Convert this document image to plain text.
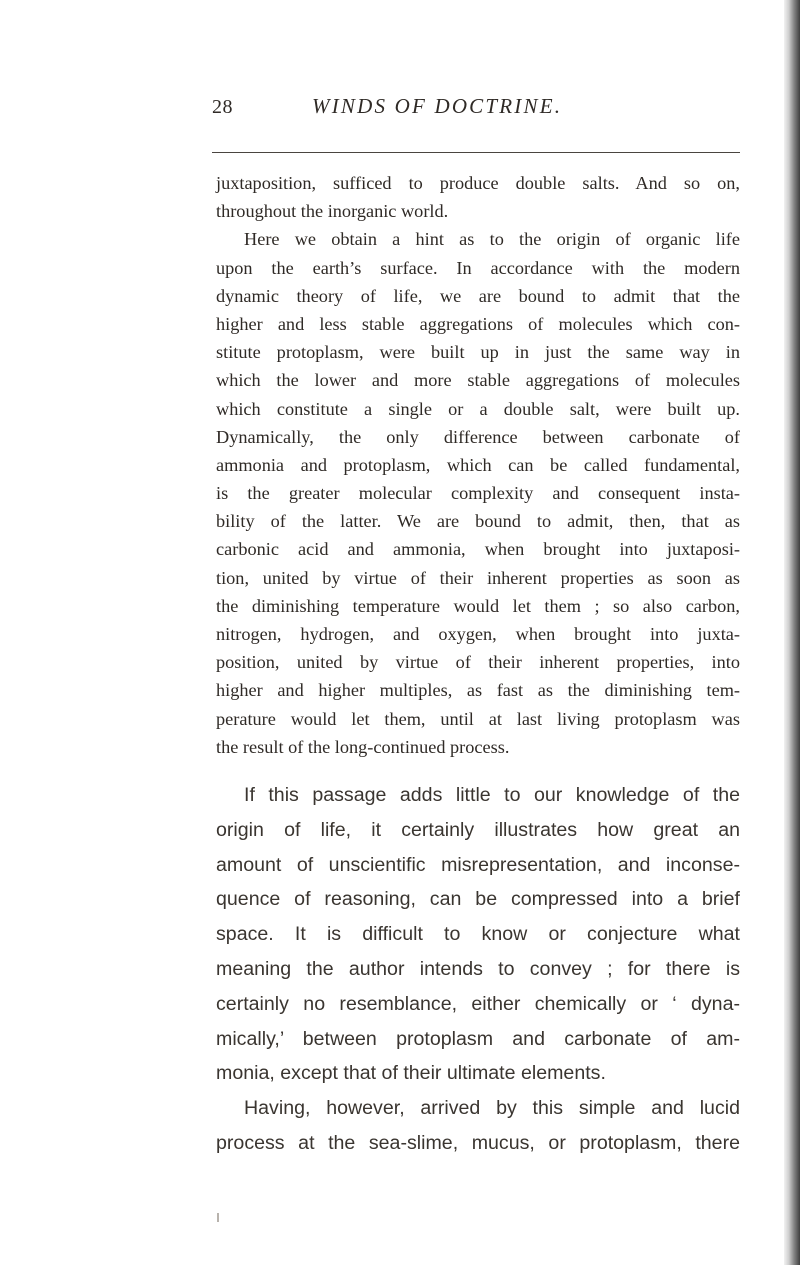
28	WINDS OF DOCTRINE.
juxtaposition, sufficed to produce double salts. And so on,
throughout the inorganic world.
Here we obtain a hint as to the origin of organic life
upon the earth’s surface. In accordance with the modern
dynamic theory of life, we are bound to admit that the
higher and less stable aggregations of molecules which con-
stitute protoplasm, were built up in just the same way in
which the lower and more stable aggregations of molecules
which constitute a single or a double salt, were built up.
Dynamically, the only difference between carbonate of
ammonia and protoplasm, which can be called fundamental,
is the greater molecular complexity and consequent insta-
bility of the latter. We are bound to admit, then, that as
carbonic acid and ammonia, when brought into juxtaposi-
tion, united by virtue of their inherent properties as soon as
the diminishing temperature would let them ; so also carbon,
nitrogen, hydrogen, and oxygen, when brought into juxta-
position, united by virtue of their inherent properties, into
higher and higher multiples, as fast as the diminishing tem-
perature would let them, until at last living protoplasm was
the result of the long-continued process.
If this passage adds little to our knowledge of the
origin of life, it certainly illustrates how great an
amount of unscientific misrepresentation, and inconse-
quence of reasoning, can be compressed into a brief
space. It is difficult to know or conjecture what
meaning the author intends to convey ; for there is
certainly no resemblance, either chemically or ‘ dyna-
mically,’ between protoplasm and carbonate of am-
monia, except that of their ultimate elements.
Having, however, arrived by this simple and lucid
process at the sea-slime, mucus, or protoplasm, there
